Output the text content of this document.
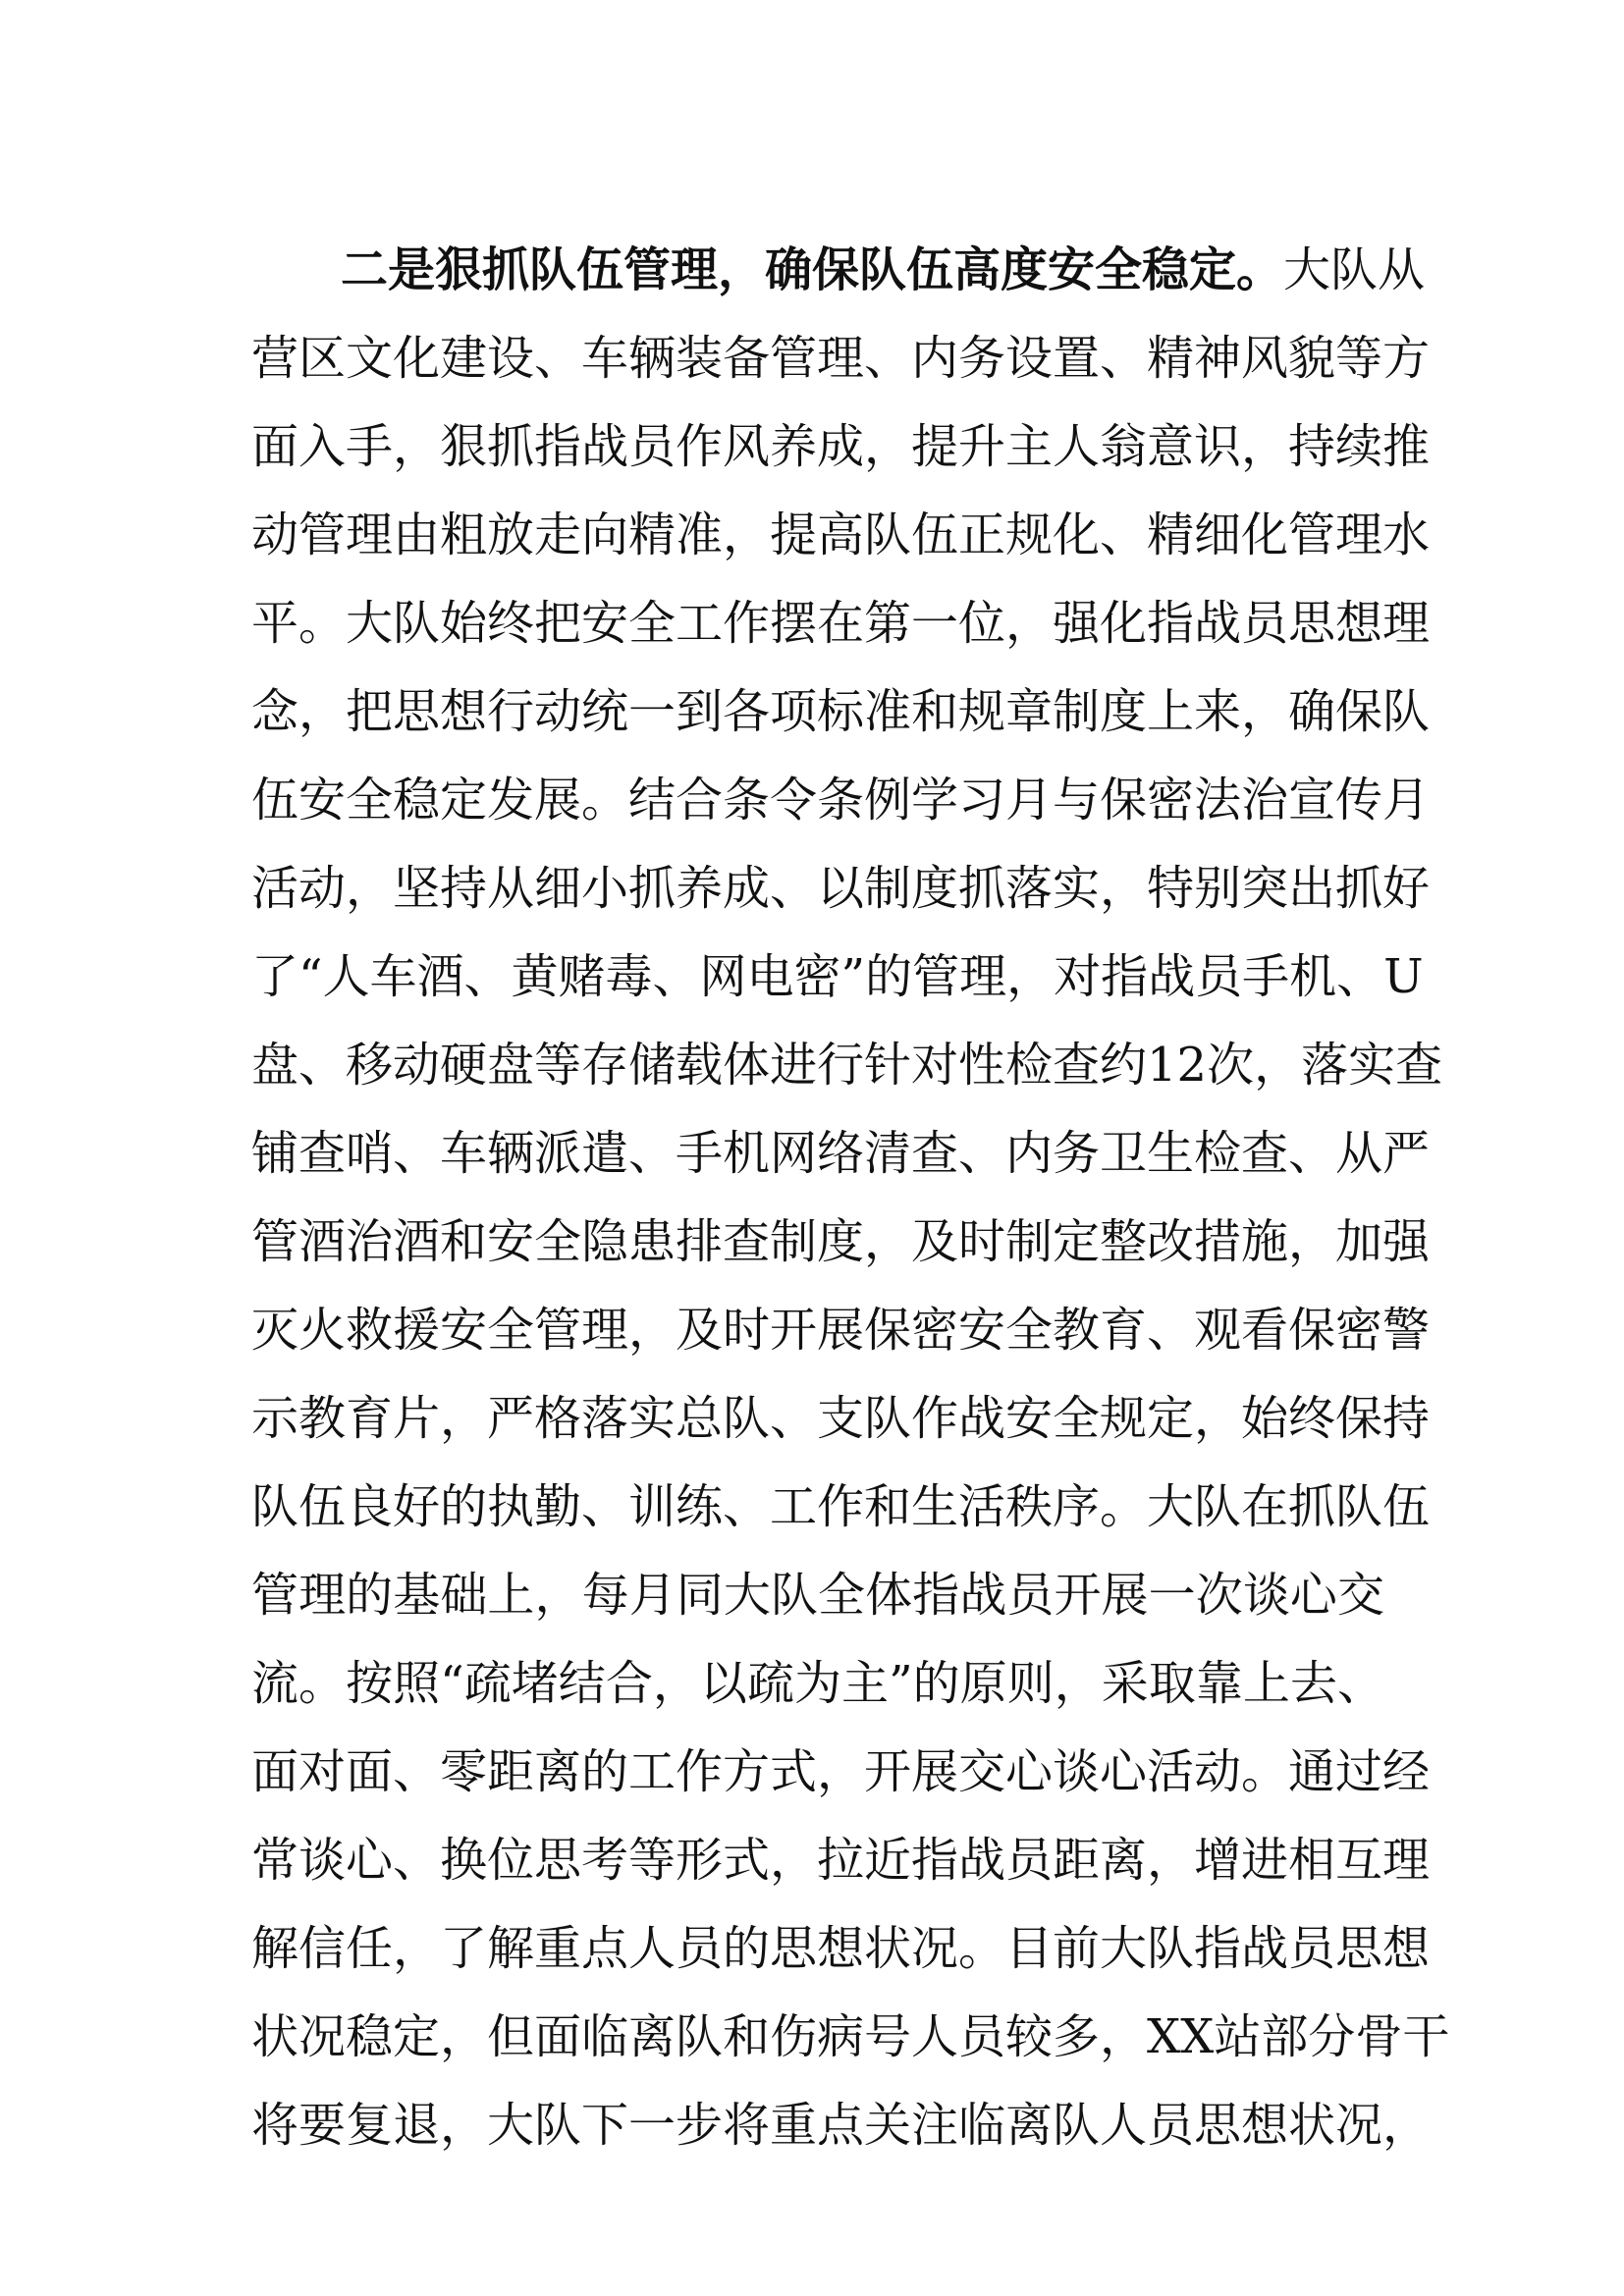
二是狠抓队伍管理，确保队伍高度安全稳定。大队从
营区文化建设、车辆装备管理、内务设置、精神风貌等方
面入手，狠抓指战员作风养成，提升主人翁意识，持续推
动管理由粗放走向精准，提高队伍正规化、精细化管理水
平。大队始终把安全工作摆在第一位，强化指战员思想理
念，把思想行动统一到各项标准和规章制度上来，确保队
伍安全稳定发展。结合条令条例学习月与保密法治宣传月
活动，坚持从细小抓养成、以制度抓落实，特别突出抓好
了“人车酒、黄赌毒、网电密”的管理，对指战员手机、U
盘、移动硬盘等存储载体进行针对性检查约12次，落实查
铺查哨、车辆派遣、手机网络清查、内务卫生检查、从严
管酒治酒和安全隐患排查制度，及时制定整改措施，加强
灭火救援安全管理，及时开展保密安全教育、观看保密警
示教育片，严格落实总队、支队作战安全规定，始终保持
队伍良好的执勤、训练、工作和生活秩序。大队在抓队伍
管理的基础上，每月同大队全体指战员开展一次谈心交
流。按照“疏堵结合，以疏为主”的原则，采取靠上去、
面对面、零距离的工作方式，开展交心谈心活动。通过经
常谈心、换位思考等形式，拉近指战员距离，增进相互理
解信任，了解重点人员的思想状况。目前大队指战员思想
状况稳定，但面临离队和伤病号人员较多，XX站部分骨干
将要复退，大队下一步将重点关注临离队人员思想状况，
